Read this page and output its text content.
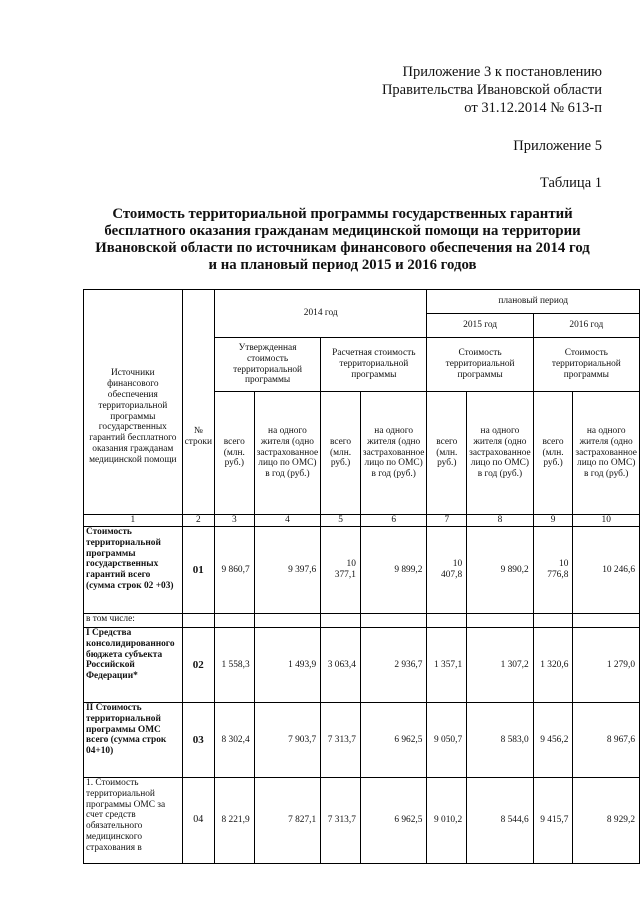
Приложение 3 к постановлению
Правительства Ивановской области
от 31.12.2014 № 613-п
Приложение 5
Таблица 1
Стоимость территориальной программы государственных гарантий бесплатного оказания гражданам медицинской помощи на территории Ивановской области по источникам финансового обеспечения на 2014 год и на плановый период 2015 и 2016 годов
Источники финансового обеспечения территориальной программы государственных гарантий бесплатного оказания гражданам медицинской помощи	№ строки	2014 год				плановый период			
						2015 год		2016 год	
		Утвержденная стоимость территориальной программы		Расчетная стоимость территориальной программы		Стоимость территориальной программы		Стоимость территориальной программы	
		всего (млн. руб.)	на одного жителя (одно застрахованное лицо по ОМС) в год (руб.)	всего (млн. руб.)	на одного жителя (одно застрахованное лицо по ОМС) в год (руб.)	всего (млн. руб.)	на одного жителя (одно застрахованное лицо по ОМС) в год (руб.)	всего (млн. руб.)	на одного жителя (одно застрахованное лицо по ОМС) в год (руб.)
1	2	3	4	5	6	7	8	9	10
Стоимость территориальной программы государственных гарантий всего (сумма строк 02 +03)	01	9 860,7	9 397,6	10 377,1	9 899,2	10 407,8	9 890,2	10 776,8	10 246,6
в том числе:									
I Средства консолидированного бюджета субъекта Российской Федерации*	02	1 558,3	1 493,9	3 063,4	2 936,7	1 357,1	1 307,2	1 320,6	1 279,0
II Стоимость территориальной программы ОМС всего (сумма строк 04+10)	03	8 302,4	7 903,7	7 313,7	6 962,5	9 050,7	8 583,0	9 456,2	8 967,6

1. Стоимость территориальной программы ОМС за счет средств обязательного медицинского страхования в	04	8 221,9	7 827,1	7 313,7	6 962,5	9 010,2	8 544,6	9 415,7	8 929,2
